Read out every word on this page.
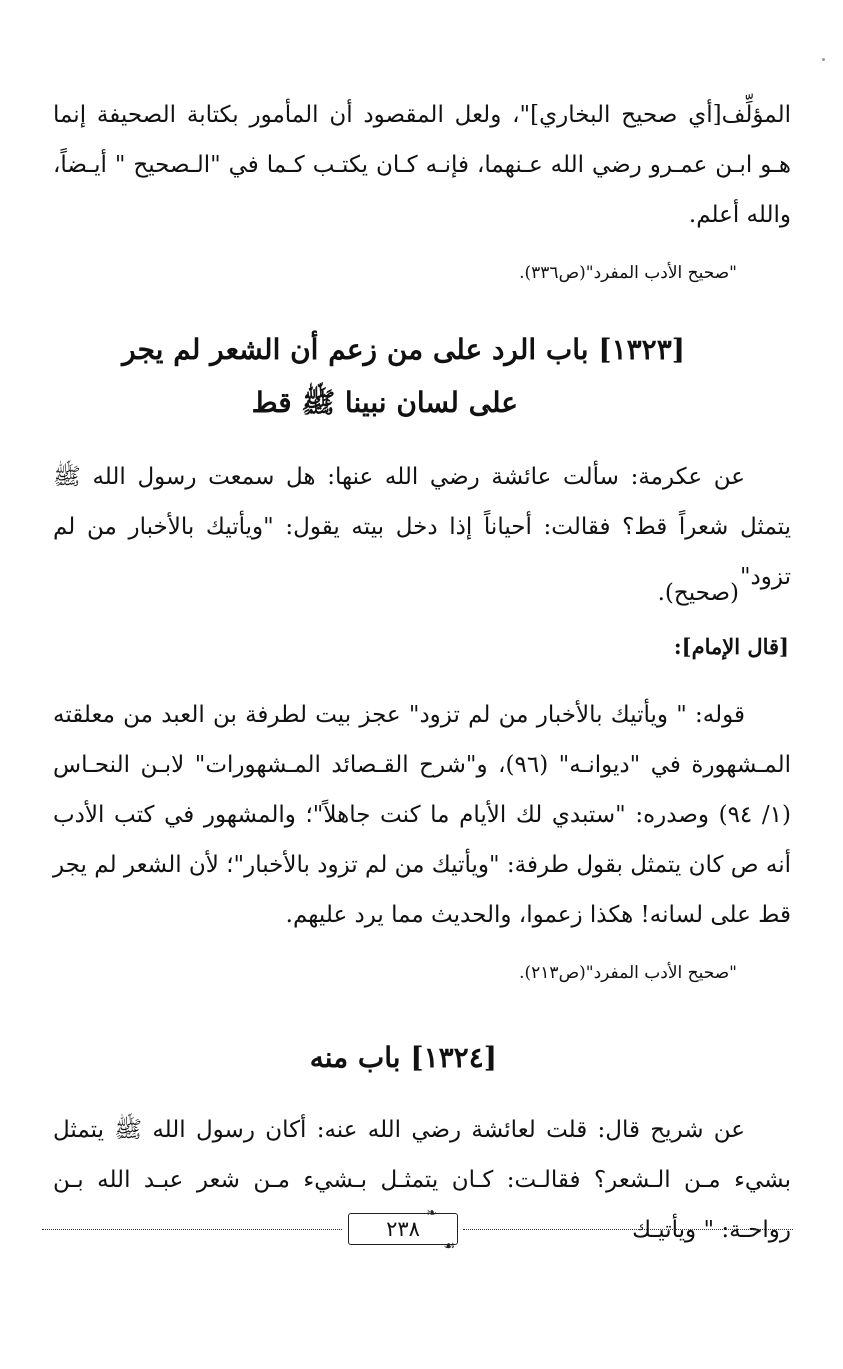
المؤلِّف[أي صحيح البخاري]"، ولعل المقصود أن المأمور بكتابة الصحيفة إنما هـو ابـن عمـرو رضي الله عـنهما، فإنـه كـان يكتـب كـما في "الـصحيح " أيـضاً، والله أعلم.

"صحيح الأدب المفرد"(ص٣٣٦).

[١٣٢٣] باب الرد على من زعم أن الشعر لم يجر

على لسان نبينا ﷺ قط

عن عكرمة: سألت عائشة رضي الله عنها: هل سمعت رسول الله ﷺ يتمثل شعراً قط؟ فقالت: أحياناً إذا دخل بيته يقول: "ويأتيك بالأخبار من لم تزود"

(صحيح).

[قال الإمام]:

قوله: " ويأتيك بالأخبار من لم تزود" عجز بيت لطرفة بن العبد من معلقته المـشهورة في "ديوانـه" (٩٦)، و"شرح القـصائد المـشهورات" لابـن النحـاس (١/ ٩٤) وصدره: "ستبدي لك الأيام ما كنت جاهلاً"؛ والمشهور في كتب الأدب أنه ص كان يتمثل بقول طرفة: "ويأتيك من لم تزود بالأخبار"؛ لأن الشعر لم يجر قط على لسانه! هكذا زعموا، والحديث مما يرد عليهم.

"صحيح الأدب المفرد"(ص٢١٣).

[١٣٢٤] باب منه

عن شريح قال: قلت لعائشة رضي الله عنه: أكان رسول الله ﷺ يتمثل بشيء مـن الـشعر؟ فقالـت: كـان يتمثـل بـشيء مـن شعر عبـد الله بـن رواحـة: " ويأتيـك

❧
٢٣٨
☙
